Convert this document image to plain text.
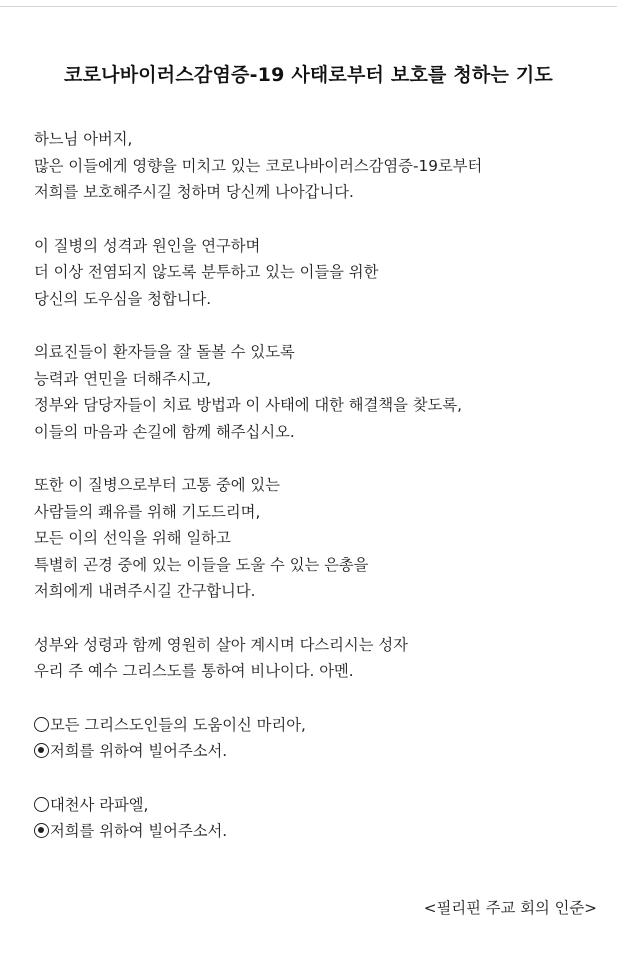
코로나바이러스감염증-19 사태로부터 보호를 청하는 기도
하느님 아버지,
많은 이들에게 영향을 미치고 있는 코로나바이러스감염증-19로부터
저희를 보호해주시길 청하며 당신께 나아갑니다.
이 질병의 성격과 원인을 연구하며
더 이상 전염되지 않도록 분투하고 있는 이들을 위한
당신의 도우심을 청합니다.
의료진들이 환자들을 잘 돌볼 수 있도록
능력과 연민을 더해주시고,
정부와 담당자들이 치료 방법과 이 사태에 대한 해결책을 찾도록,
이들의 마음과 손길에 함께 해주십시오.
또한 이 질병으로부터 고통 중에 있는
사람들의 쾌유를 위해 기도드리며,
모든 이의 선익을 위해 일하고
특별히 곤경 중에 있는 이들을 도울 수 있는 은총을
저희에게 내려주시길 간구합니다.
성부와 성령과 함께 영원히 살아 계시며 다스리시는 성자
우리 주 예수 그리스도를 통하여 비나이다. 아멘.
모든 그리스도인들의 도움이신 마리아,
저희를 위하여 빌어주소서.
대천사 라파엘,
저희를 위하여 빌어주소서.
<필리핀 주교 회의 인준>
